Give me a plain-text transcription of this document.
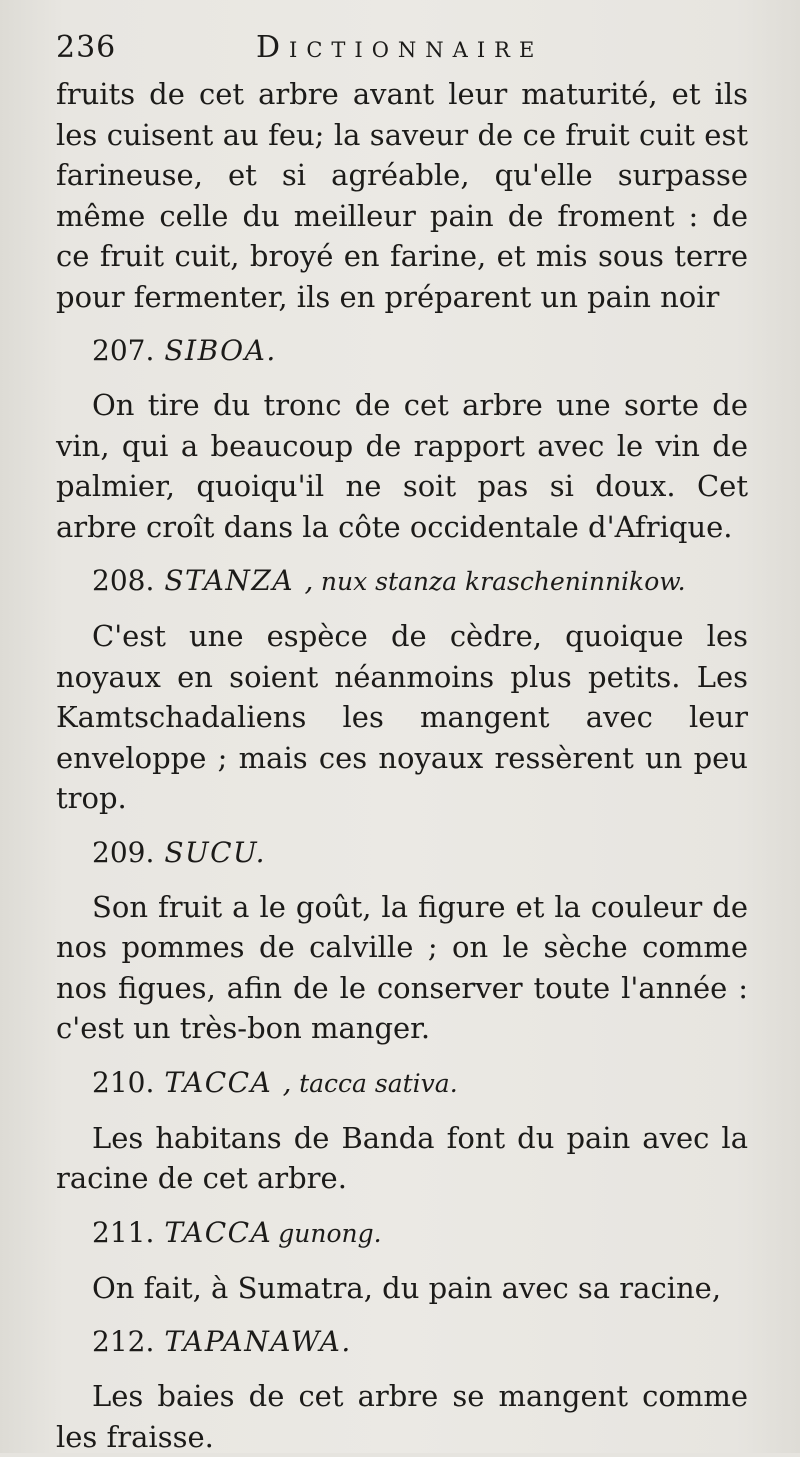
236	Dictionnaire

fruits de cet arbre avant leur maturité, et ils les cuisent au feu; la saveur de ce fruit cuit est farineuse, et si agréable, qu'elle surpasse même celle du meilleur pain de froment : de ce fruit cuit, broyé en farine, et mis sous terre pour fermenter, ils en préparent un pain noir

207. SIBOA.

On tire du tronc de cet arbre une sorte de vin, qui a beaucoup de rapport avec le vin de palmier, quoiqu'il ne soit pas si doux. Cet arbre croît dans la côte occidentale d'Afrique.

208. STANZA , nux stanza krascheninnikow.

C'est une espèce de cèdre, quoique les noyaux en soient néanmoins plus petits. Les Kamtschadaliens les mangent avec leur enveloppe ; mais ces noyaux ressèrent un peu trop.

209. SUCU.

Son fruit a le goût, la figure et la couleur de nos pommes de calville ; on le sèche comme nos figues, afin de le conserver toute l'année : c'est un très-bon manger.

210. TACCA , tacca sativa.

Les habitans de Banda font du pain avec la racine de cet arbre.

211. TACCA gunong.

On fait, à Sumatra, du pain avec sa racine,

212. TAPANAWA.

Les baies de cet arbre se mangent comme les fraisse.
